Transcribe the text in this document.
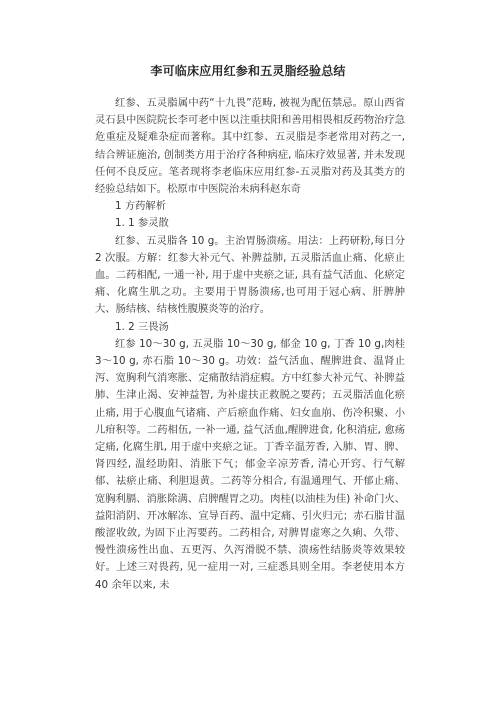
李可临床应用红参和五灵脂经验总结

红参、五灵脂属中药“十九畏”范畴, 被视为配伍禁忌。原山西省灵石县中医院院长李可老中医以注重扶阳和善用相畏相反药物治疗急危重症及疑难杂症而著称。其中红参、五灵脂是李老常用对药之一, 结合辨证施治, 创制类方用于治疗各种病症, 临床疗效显著, 并未发现任何不良反应。笔者现将李老临床应用红参-五灵脂对药及其类方的经验总结如下。松原市中医院治未病科赵东奇

1 方药解析

1. 1 参灵散

红参、五灵脂各 10 g。主治胃肠溃疡。用法：上药研粉,每日分 2 次服。方解：红参大补元气、补脾益肺, 五灵脂活血止痛、化瘀止血。二药相配, 一通一补, 用于虚中夹瘀之证, 具有益气活血、化瘀定痛、化腐生肌之功。主要用于胃肠溃疡,也可用于冠心病、肝脾肿大、肠结核、结核性腹膜炎等的治疗。

1. 2 三畏汤

红参 10～30 g, 五灵脂 10～30 g, 郁金 10 g, 丁香 10 g,肉桂 3～10 g, 赤石脂 10～30 g。功效：益气活血、醒脾进食、温肾止泻、宽胸利气消寒胀、定痛散结消症瘕。方中红参大补元气、补脾益肺、生津止渴、安神益智, 为补虚扶正救脱之要药；五灵脂活血化瘀止痛, 用于心腹血气诸痛、产后瘀血作痛、妇女血崩、伤冷积聚、小儿疳积等。二药相伍, 一补一通, 益气活血,醒脾进食, 化积消症, 愈疡定痛, 化腐生肌, 用于虚中夹瘀之证。丁香辛温芳香, 入肺、胃、脾、肾四经, 温经助阳、消胀下气；郁金辛凉芳香, 清心开窍、行气解郁、祛瘀止痛、利胆退黄。二药等分相合, 有温通理气、开郁止痛、宽胸利膈、消胀除满、启脾醒胃之功。肉桂(以油桂为佳) 补命门火、益阳消阴、开冰解冻、宣导百药、温中定痛、引火归元；赤石脂甘温酸涩收敛, 为固下止泻要药。二药相合, 对脾胃虚寒之久痢、久带、慢性溃疡性出血、五更泻、久泻滑脱不禁、溃疡性结肠炎等效果较好。上述三对畏药, 见一症用一对, 三症悉具则全用。李老使用本方 40 余年以来, 未
